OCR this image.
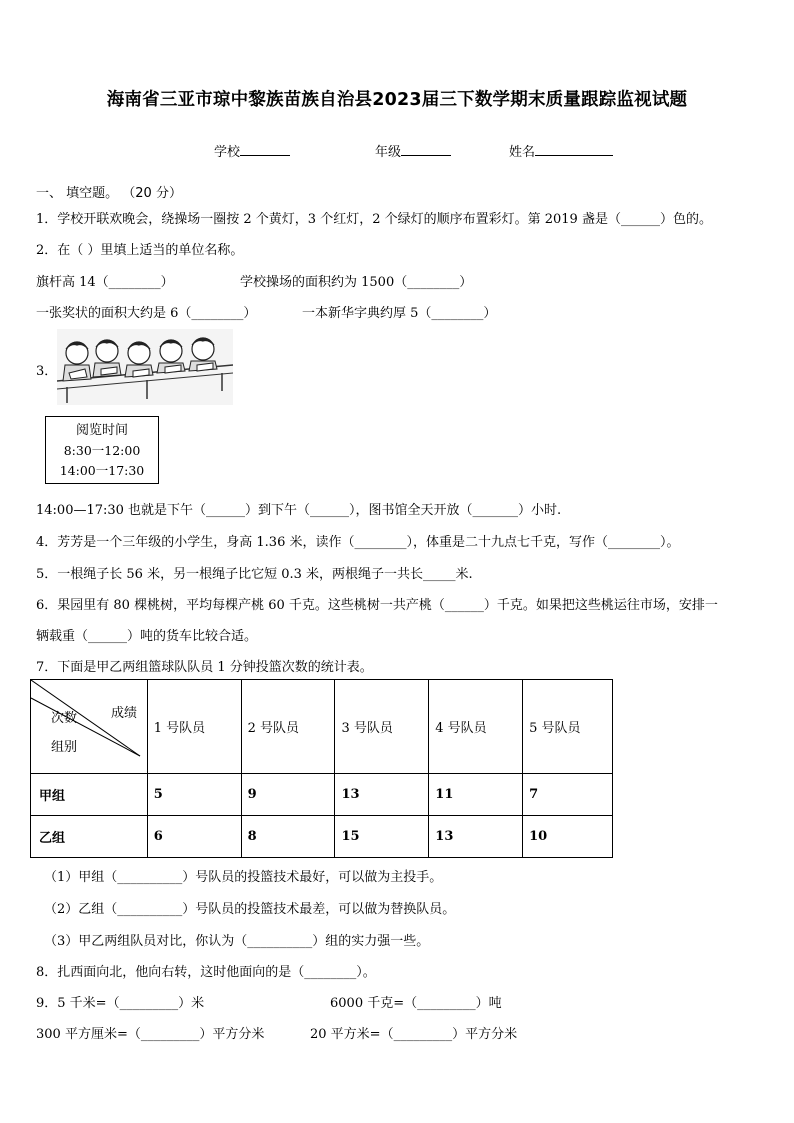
海南省三亚市琼中黎族苗族自治县2023届三下数学期末质量跟踪监视试题
学校	年级	姓名
一、 填空题。 （20 分）
1．学校开联欢晚会，绕操场一圈按 2 个黄灯，3 个红灯，2 个绿灯的顺序布置彩灯。第 2019 盏是（______）色的。
2．在（ ）里填上适当的单位名称。
旗杆高 14（________）	学校操场的面积约为 1500（________）
一张奖状的面积大约是 6（________）	一本新华字典约厚 5（________）
3．
阅览时间
8:30一12:00
14:00一17:30
14:00—17:30 也就是下午（______）到下午（______），图书馆全天开放（_______）小时.
4．芳芳是一个三年级的小学生，身高 1.36 米，读作（________），体重是二十九点七千克，写作（________）。
5．一根绳子长 56 米，另一根绳子比它短 0.3 米，两根绳子一共长_____米.
6．果园里有 80 棵桃树，平均每棵产桃 60 千克。这些桃树一共产桃（______）千克。如果把这些桃运往市场，安排一
辆载重（______）吨的货车比较合适。
7．下面是甲乙两组篮球队队员 1 分钟投篮次数的统计表。
成绩
次数
组别	1 号队员	2 号队员	3 号队员	4 号队员	5 号队员
甲组	5	9	13	11	7
乙组	6	8	15	13	10
（1）甲组（__________）号队员的投篮技术最好，可以做为主投手。
（2）乙组（__________）号队员的投篮技术最差，可以做为替换队员。
（3）甲乙两组队员对比，你认为（__________）组的实力强一些。
8．扎西面向北，他向右转，这时他面向的是（________）。
9．5 千米=（_________）米	6000 千克=（_________）吨
300 平方厘米=（_________）平方分米	20 平方米=（_________）平方分米
